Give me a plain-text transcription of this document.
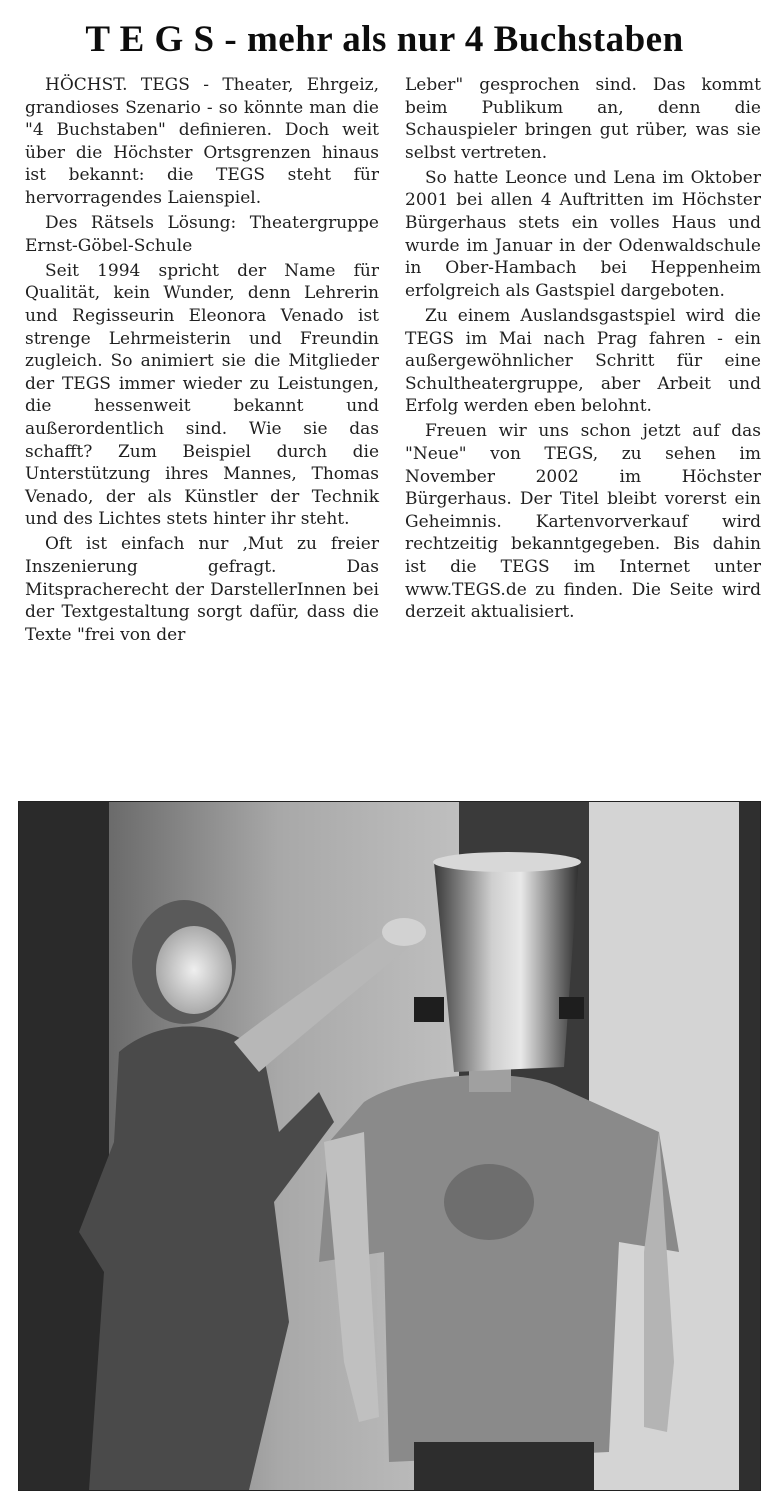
T E G S - mehr als nur 4 Buchstaben

HÖCHST. TEGS - Theater, Ehrgeiz, grandioses Szenario - so könnte man die "4 Buchstaben" definieren. Doch weit über die Höchster Ortsgrenzen hinaus ist bekannt: die TEGS steht für hervorragendes Laienspiel.

Des Rätsels Lösung: Theatergruppe Ernst-Göbel-Schule

Seit 1994 spricht der Name für Qualität, kein Wunder, denn Lehrerin und Regisseurin Eleonora Venado ist strenge Lehrmeisterin und Freundin zugleich. So animiert sie die Mitglieder der TEGS immer wieder zu Leistungen, die hessenweit bekannt und außerordentlich sind. Wie sie das schafft? Zum Beispiel durch die Unterstützung ihres Mannes, Thomas Venado, der als Künstler der Technik und des Lichtes stets hinter ihr steht.

Oft ist einfach nur ‚Mut zu freier Inszenierung gefragt. Das Mitspracherecht der DarstellerInnen bei der Textgestaltung sorgt dafür, dass die Texte "frei von der

Leber" gesprochen sind. Das kommt beim Publikum an, denn die Schauspieler bringen gut rüber, was sie selbst vertreten.

So hatte Leonce und Lena im Oktober 2001 bei allen 4 Auftritten im Höchster Bürgerhaus stets ein volles Haus und wurde im Januar in der Odenwaldschule in Ober-Hambach bei Heppenheim erfolgreich als Gastspiel dargeboten.

Zu einem Auslandsgastspiel wird die TEGS im Mai nach Prag fahren - ein außergewöhnlicher Schritt für eine Schultheatergruppe, aber Arbeit und Erfolg werden eben belohnt.

Freuen wir uns schon jetzt auf das "Neue" von TEGS, zu sehen im November 2002 im Höchster Bürgerhaus. Der Titel bleibt vorerst ein Geheimnis. Kartenvorverkauf wird rechtzeitig bekanntgegeben. Bis dahin ist die TEGS im Internet unter www.TEGS.de zu finden. Die Seite wird derzeit aktualisiert.
